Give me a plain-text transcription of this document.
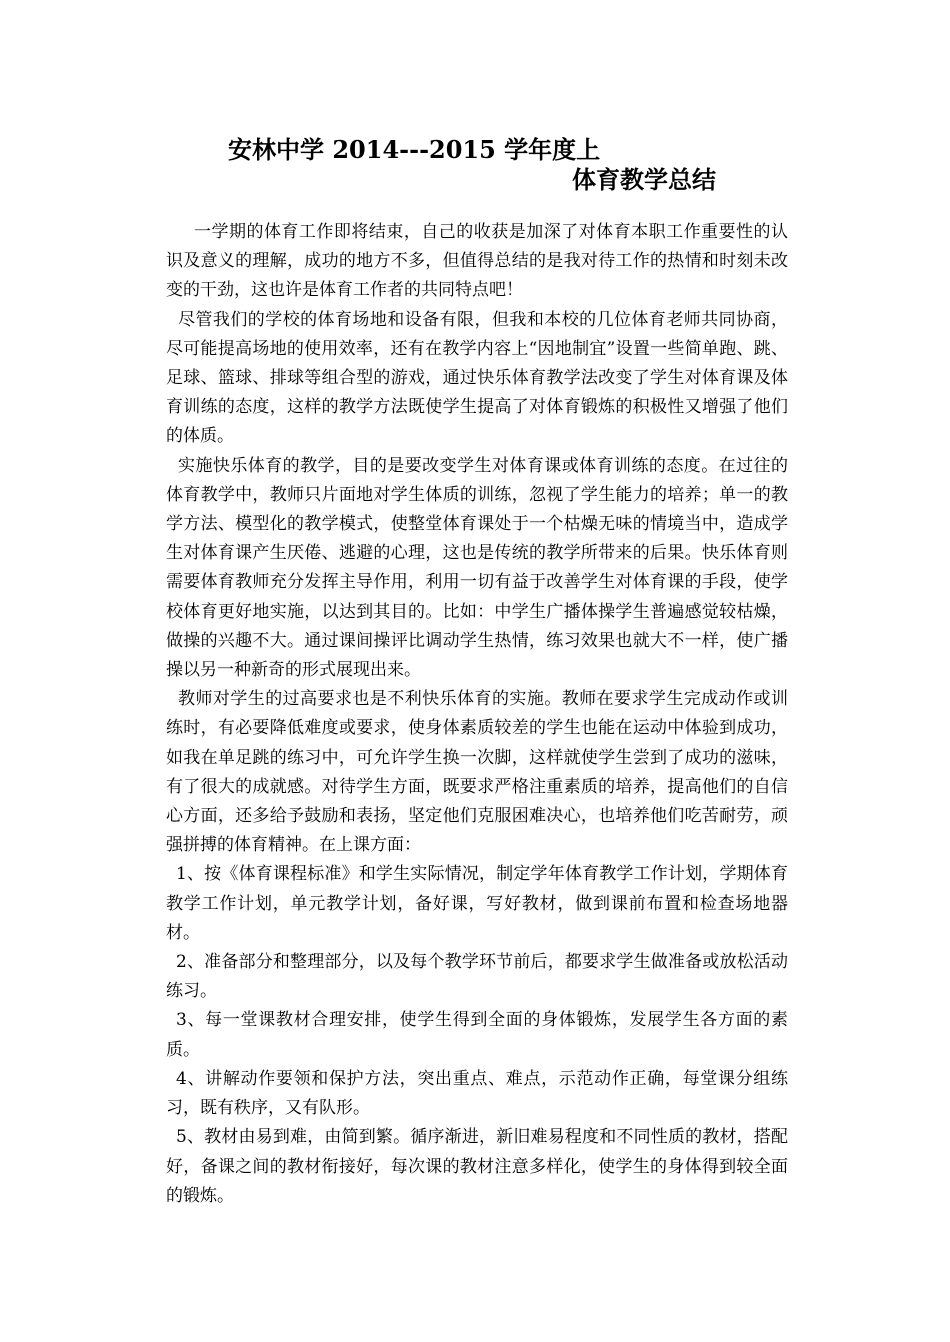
安林中学 2014---2015 学年度上
体育教学总结

一学期的体育工作即将结束，自己的收获是加深了对体育本职工作重要性的认识及意义的理解，成功的地方不多，但值得总结的是我对待工作的热情和时刻未改变的干劲，这也许是体育工作者的共同特点吧！

尽管我们的学校的体育场地和设备有限，但我和本校的几位体育老师共同协商，尽可能提高场地的使用效率，还有在教学内容上“因地制宜”设置一些简单跑、跳、足球、篮球、排球等组合型的游戏，通过快乐体育教学法改变了学生对体育课及体育训练的态度，这样的教学方法既使学生提高了对体育锻炼的积极性又增强了他们的体质。

实施快乐体育的教学，目的是要改变学生对体育课或体育训练的态度。在过往的体育教学中，教师只片面地对学生体质的训练，忽视了学生能力的培养；单一的教学方法、模型化的教学模式，使整堂体育课处于一个枯燥无味的情境当中，造成学生对体育课产生厌倦、逃避的心理，这也是传统的教学所带来的后果。快乐体育则需要体育教师充分发挥主导作用，利用一切有益于改善学生对体育课的手段，使学校体育更好地实施，以达到其目的。比如：中学生广播体操学生普遍感觉较枯燥，做操的兴趣不大。通过课间操评比调动学生热情，练习效果也就大不一样，使广播操以另一种新奇的形式展现出来。

教师对学生的过高要求也是不利快乐体育的实施。教师在要求学生完成动作或训练时，有必要降低难度或要求，使身体素质较差的学生也能在运动中体验到成功，如我在单足跳的练习中，可允许学生换一次脚，这样就使学生尝到了成功的滋味，有了很大的成就感。对待学生方面，既要求严格注重素质的培养，提高他们的自信心方面，还多给予鼓励和表扬，坚定他们克服困难决心，也培养他们吃苦耐劳，顽强拼搏的体育精神。在上课方面：

1、按《体育课程标准》和学生实际情况，制定学年体育教学工作计划，学期体育教学工作计划，单元教学计划，备好课，写好教材，做到课前布置和检查场地器材。

2、准备部分和整理部分，以及每个教学环节前后，都要求学生做准备或放松活动练习。

3、每一堂课教材合理安排，使学生得到全面的身体锻炼，发展学生各方面的素质。

4、讲解动作要领和保护方法，突出重点、难点，示范动作正确，每堂课分组练习，既有秩序，又有队形。

5、教材由易到难，由简到繁。循序渐进，新旧难易程度和不同性质的教材，搭配好，备课之间的教材衔接好，每次课的教材注意多样化，使学生的身体得到较全面的锻炼。
